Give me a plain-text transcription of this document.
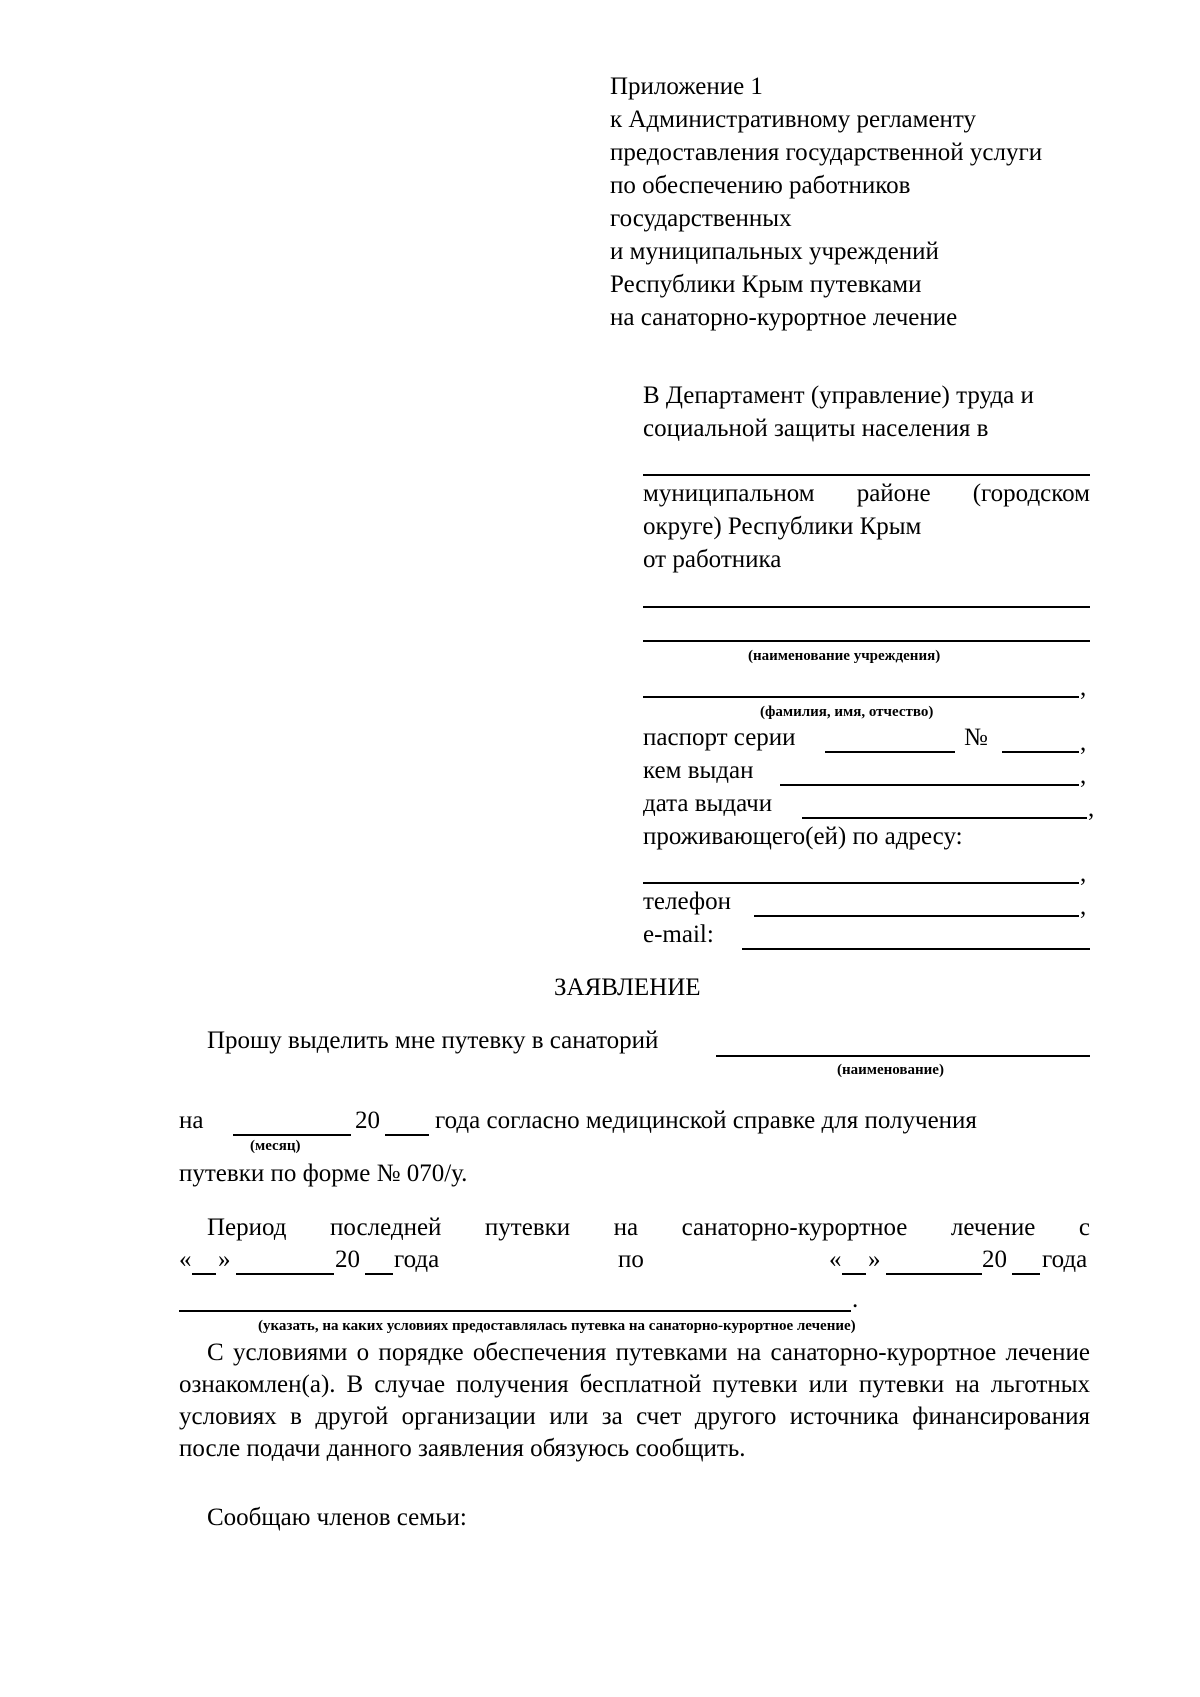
Приложение 1

к Административному регламенту

предоставления государственной услуги

по обеспечению работников

государственных

и муниципальных учреждений

Республики Крым путевками

на санаторно-курортное лечение

В Департамент (управление) труда и

социальной защиты населения в

муниципальном районе (городском

округе) Республики Крым

от работника

(наименование учреждения)

,

(фамилия, имя, отчество)

паспорт серии	№	,

кем выдан	,

дата выдачи	,

проживающего(ей) по адресу:

,

телефон	,

e-mail:

ЗАЯВЛЕНИЕ

Прошу выделить мне путевку в санаторий

(наименование)

на	20 года согласно медицинской справке для получения

(месяц)

путевки по форме № 070/у.

Период последней путевки на санаторно-курортное лечение с

« »	20 года	по	« »	20 года

.

(указать, на каких условиях предоставлялась путевка на санаторно-курортное лечение)

С условиями о порядке обеспечения путевками на санаторно-курортное лечение ознакомлен(а). В случае получения бесплатной путевки или путевки на льготных условиях в другой организации или за счет другого источника финансирования после подачи данного заявления обязуюсь сообщить.

Сообщаю членов семьи:
